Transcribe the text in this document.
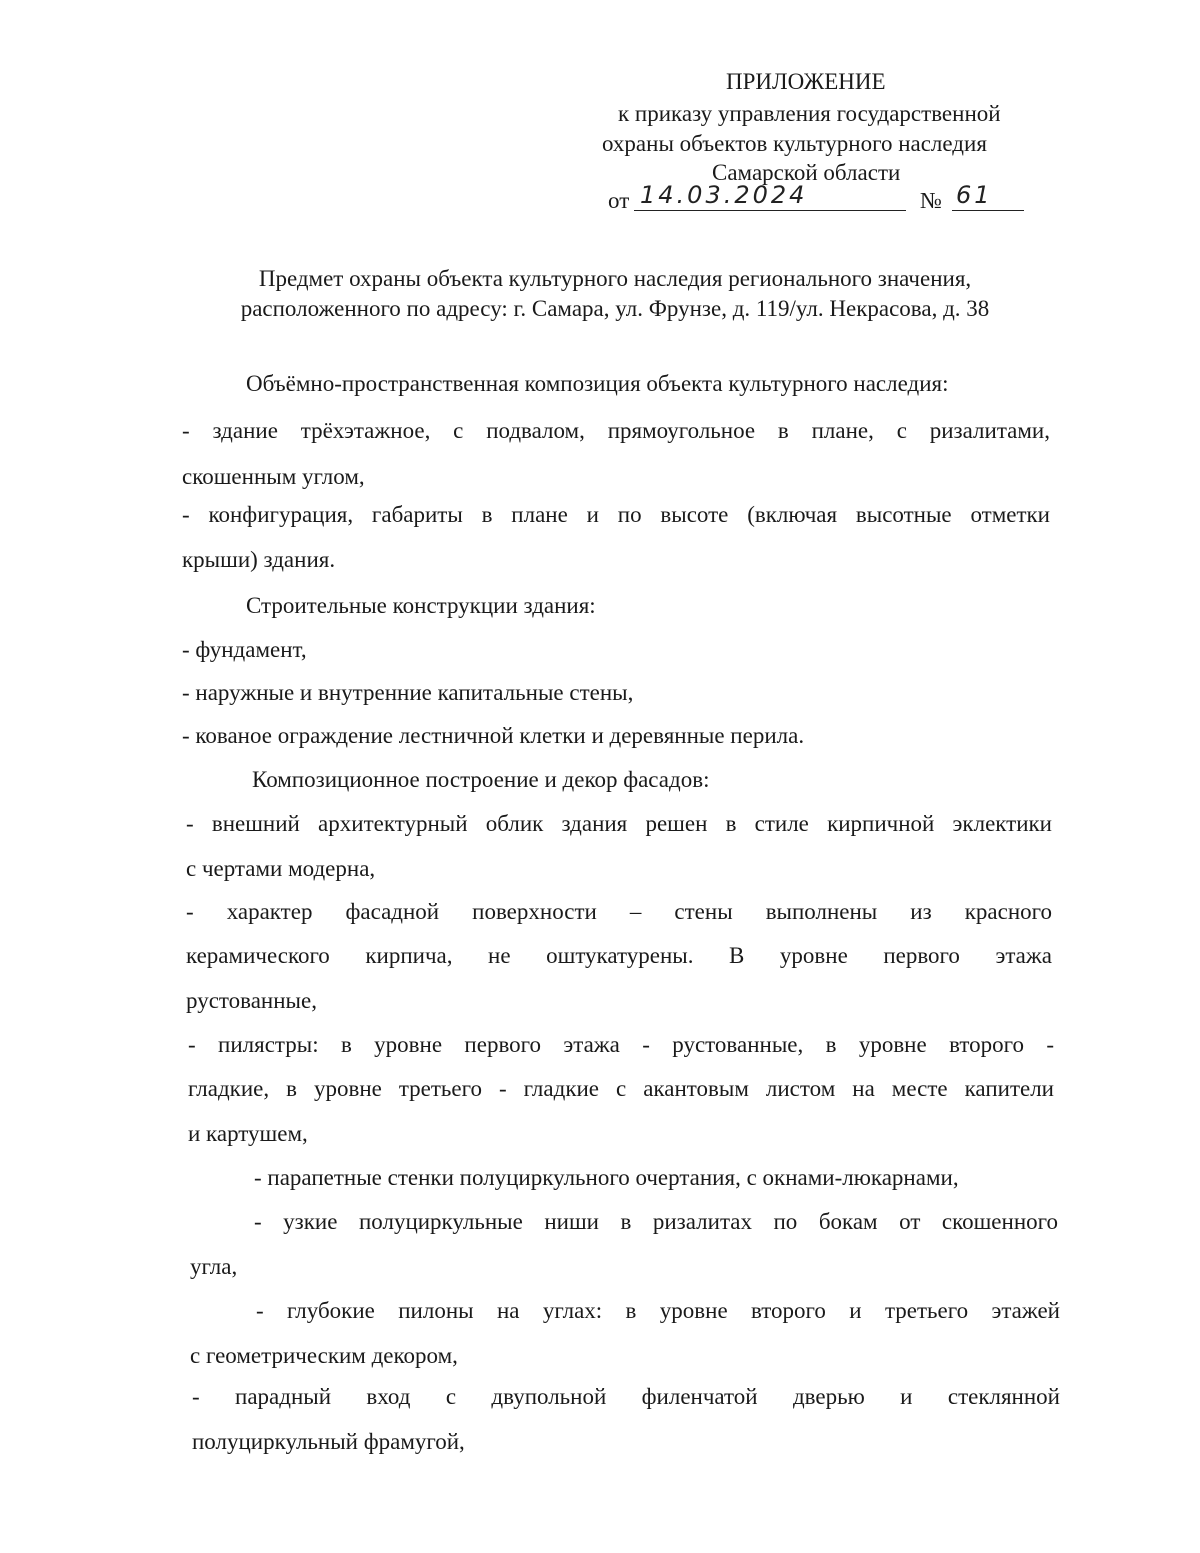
ПРИЛОЖЕНИЕ
к приказу управления государственной
охраны объектов культурного наследия
Самарской области
от 14.03.2024	№ 61
Предмет охраны объекта культурного наследия регионального значения,
расположенного по адресу: г. Самара, ул. Фрунзе, д. 119/ул. Некрасова, д. 38
Объёмно-пространственная композиция объекта культурного наследия:
- здание трёхэтажное, с подвалом, прямоугольное в плане, с ризалитами,
скошенным углом,
- конфигурация, габариты в плане и по высоте (включая высотные отметки
крыши) здания.
Строительные конструкции здания:
- фундамент,
- наружные и внутренние капитальные стены,
- кованое ограждение лестничной клетки и деревянные перила.
Композиционное построение и декор фасадов:
- внешний архитектурный облик здания решен в стиле кирпичной эклектики
с чертами модерна,
- характер фасадной поверхности – стены выполнены из красного
керамического кирпича, не оштукатурены. В уровне первого этажа
рустованные,
- пилястры: в уровне первого этажа - рустованные, в уровне второго -
гладкие, в уровне третьего - гладкие с акантовым листом на месте капители
и картушем,
- парапетные стенки полуциркульного очертания, с окнами-люкарнами,
- узкие полуциркульные ниши в ризалитах по бокам от скошенного
угла,
- глубокие пилоны на углах: в уровне второго и третьего этажей
с геометрическим декором,
- парадный вход с двупольной филенчатой дверью и стеклянной
полуциркульный фрамугой,
